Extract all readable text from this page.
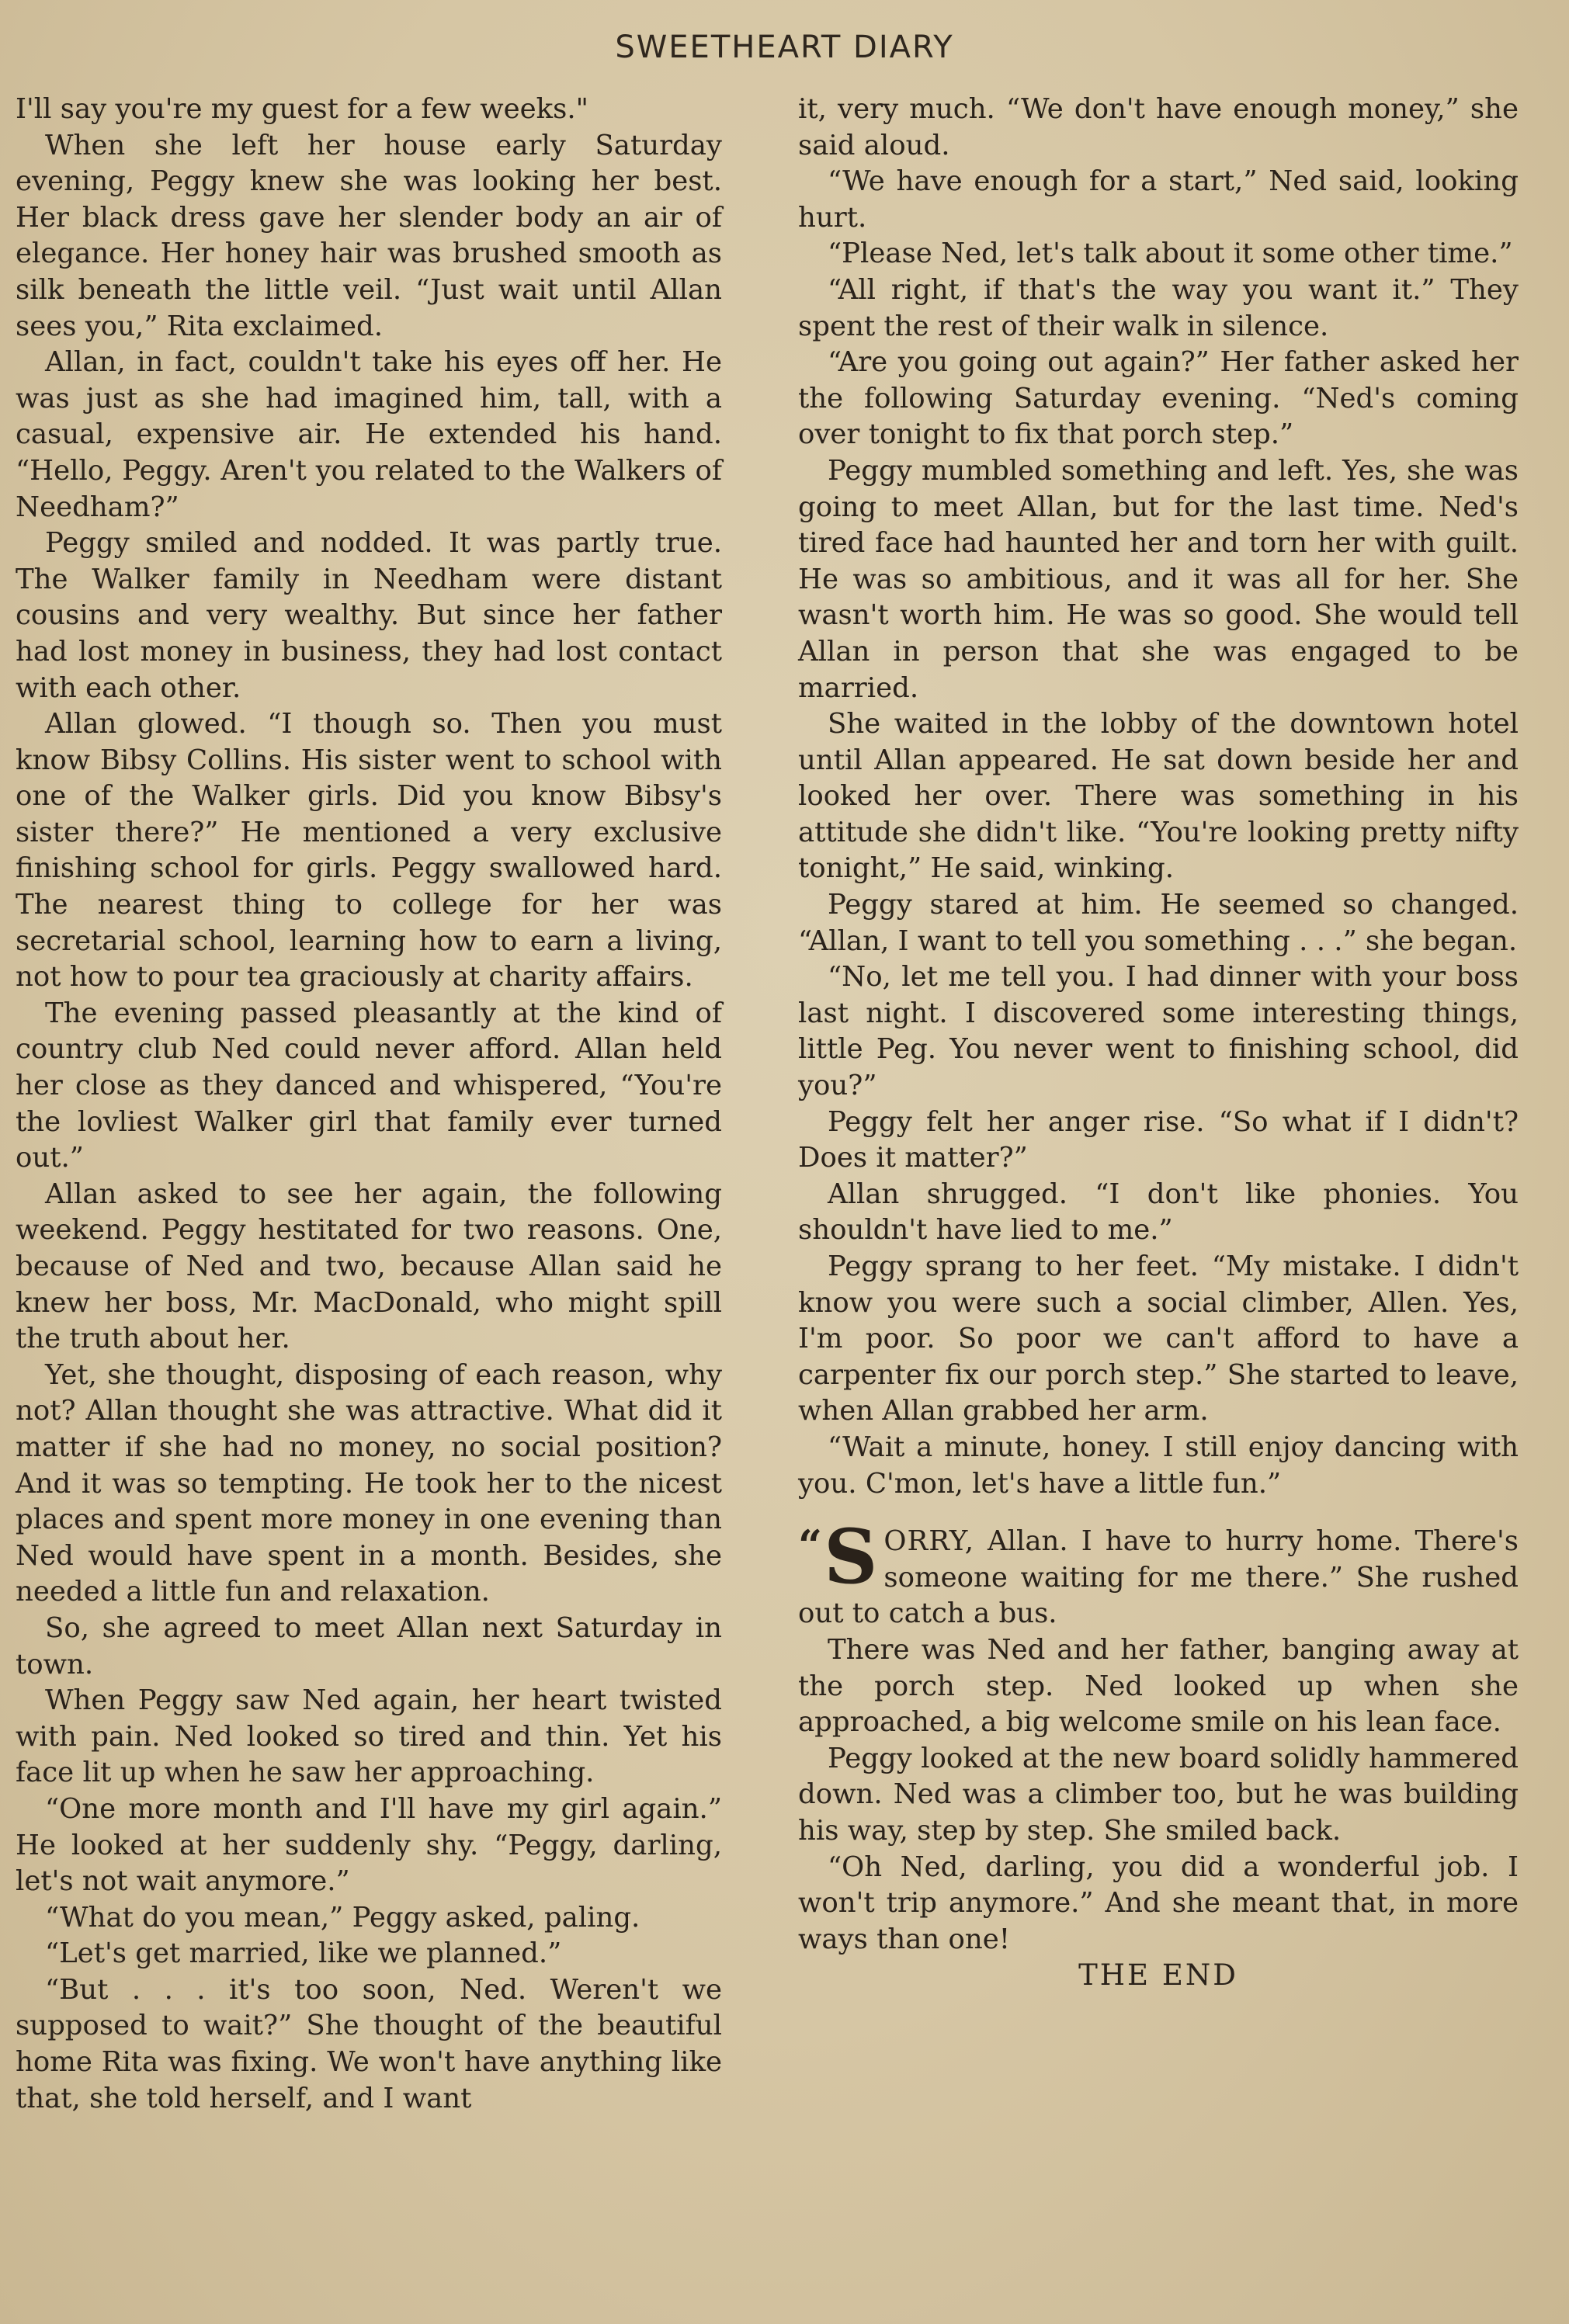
SWEETHEART DIARY

I'll say you're my guest for a few weeks."

When she left her house early Saturday evening, Peggy knew she was looking her best. Her black dress gave her slender body an air of elegance. Her honey hair was brushed smooth as silk beneath the little veil. “Just wait until Allan sees you,” Rita exclaimed.

Allan, in fact, couldn't take his eyes off her. He was just as she had imagined him, tall, with a casual, expensive air. He extended his hand. “Hello, Peggy. Aren't you related to the Walkers of Needham?”

Peggy smiled and nodded. It was partly true. The Walker family in Needham were distant cousins and very wealthy. But since her father had lost money in business, they had lost contact with each other.

Allan glowed. “I though so. Then you must know Bibsy Collins. His sister went to school with one of the Walker girls. Did you know Bibsy's sister there?” He mentioned a very exclusive finishing school for girls. Peggy swallowed hard. The nearest thing to college for her was secretarial school, learning how to earn a living, not how to pour tea graciously at charity affairs.

The evening passed pleasantly at the kind of country club Ned could never afford. Allan held her close as they danced and whispered, “You're the lovliest Walker girl that family ever turned out.”

Allan asked to see her again, the following weekend. Peggy hestitated for two reasons. One, because of Ned and two, because Allan said he knew her boss, Mr. MacDonald, who might spill the truth about her.

Yet, she thought, disposing of each reason, why not? Allan thought she was attractive. What did it matter if she had no money, no social position? And it was so tempting. He took her to the nicest places and spent more money in one evening than Ned would have spent in a month. Besides, she needed a little fun and relaxation.

So, she agreed to meet Allan next Saturday in town.

When Peggy saw Ned again, her heart twisted with pain. Ned looked so tired and thin. Yet his face lit up when he saw her approaching.

“One more month and I'll have my girl again.” He looked at her suddenly shy. “Peggy, darling, let's not wait anymore.”

“What do you mean,” Peggy asked, paling.

“Let's get married, like we planned.”

“But . . . it's too soon, Ned. Weren't we supposed to wait?” She thought of the beautiful home Rita was fixing. We won't have anything like that, she told herself, and I want

it, very much. “We don't have enough money,” she said aloud.

“We have enough for a start,” Ned said, looking hurt.

“Please Ned, let's talk about it some other time.”

“All right, if that's the way you want it.” They spent the rest of their walk in silence.

“Are you going out again?” Her father asked her the following Saturday evening. “Ned's coming over tonight to fix that porch step.”

Peggy mumbled something and left. Yes, she was going to meet Allan, but for the last time. Ned's tired face had haunted her and torn her with guilt. He was so ambitious, and it was all for her. She wasn't worth him. He was so good. She would tell Allan in person that she was engaged to be married.

She waited in the lobby of the downtown hotel until Allan appeared. He sat down beside her and looked her over. There was something in his attitude she didn't like. “You're looking pretty nifty tonight,” He said, winking.

Peggy stared at him. He seemed so changed. “Allan, I want to tell you something . . .” she began.

“No, let me tell you. I had dinner with your boss last night. I discovered some interesting things, little Peg. You never went to finishing school, did you?”

Peggy felt her anger rise. “So what if I didn't? Does it matter?”

Allan shrugged. “I don't like phonies. You shouldn't have lied to me.”

Peggy sprang to her feet. “My mistake. I didn't know you were such a social climber, Allen. Yes, I'm poor. So poor we can't afford to have a carpenter fix our porch step.” She started to leave, when Allan grabbed her arm.

“Wait a minute, honey. I still enjoy dancing with you. C'mon, let's have a little fun.”

“ S ORRY, Allan. I have to hurry home. There's someone waiting for me there.” She rushed out to catch a bus.

There was Ned and her father, banging away at the porch step. Ned looked up when she approached, a big welcome smile on his lean face.

Peggy looked at the new board solidly hammered down. Ned was a climber too, but he was building his way, step by step. She smiled back.

“Oh Ned, darling, you did a wonderful job. I won't trip anymore.” And she meant that, in more ways than one!

THE END
